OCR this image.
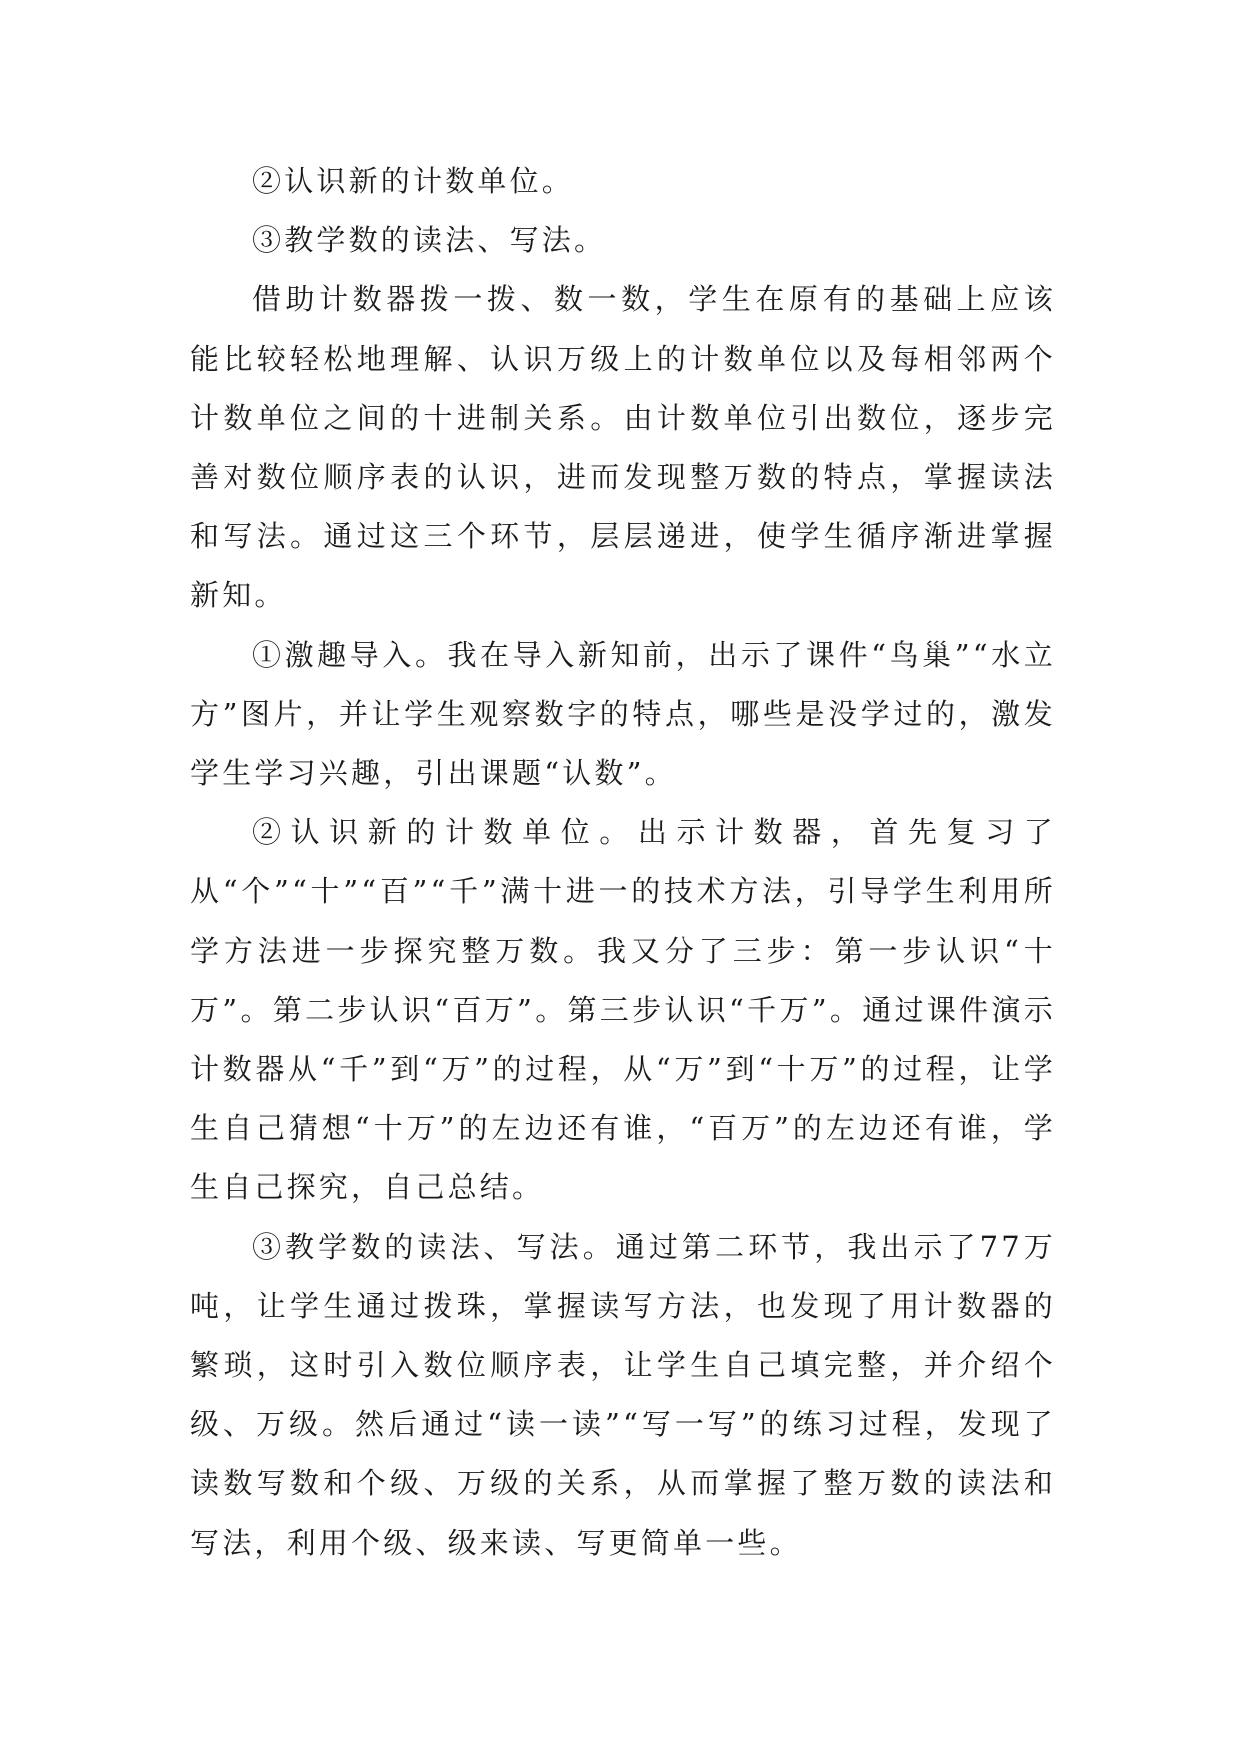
②认识新的计数单位。

③教学数的读法、写法。

借助计数器拨一拨、数一数，学生在原有的基础上应该能比较轻松地理解、认识万级上的计数单位以及每相邻两个计数单位之间的十进制关系。由计数单位引出数位，逐步完善对数位顺序表的认识，进而发现整万数的特点，掌握读法和写法。通过这三个环节，层层递进，使学生循序渐进掌握新知。

①激趣导入。我在导入新知前，出示了课件“鸟巢”“水立方”图片，并让学生观察数字的特点，哪些是没学过的，激发学生学习兴趣，引出课题“认数”。

②认识新的计数单位。出示计数器，首先复习了从“个”“十”“百”“千”满十进一的技术方法，引导学生利用所学方法进一步探究整万数。我又分了三步：第一步认识“十万”。第二步认识“百万”。第三步认识“千万”。通过课件演示计数器从“千”到“万”的过程，从“万”到“十万”的过程，让学生自己猜想“十万”的左边还有谁，“百万”的左边还有谁，学生自己探究，自己总结。

③教学数的读法、写法。通过第二环节，我出示了77万吨，让学生通过拨珠，掌握读写方法，也发现了用计数器的繁琐，这时引入数位顺序表，让学生自己填完整，并介绍个级、万级。然后通过“读一读”“写一写”的练习过程，发现了读数写数和个级、万级的关系，从而掌握了整万数的读法和写法，利用个级、级来读、写更简单一些。
